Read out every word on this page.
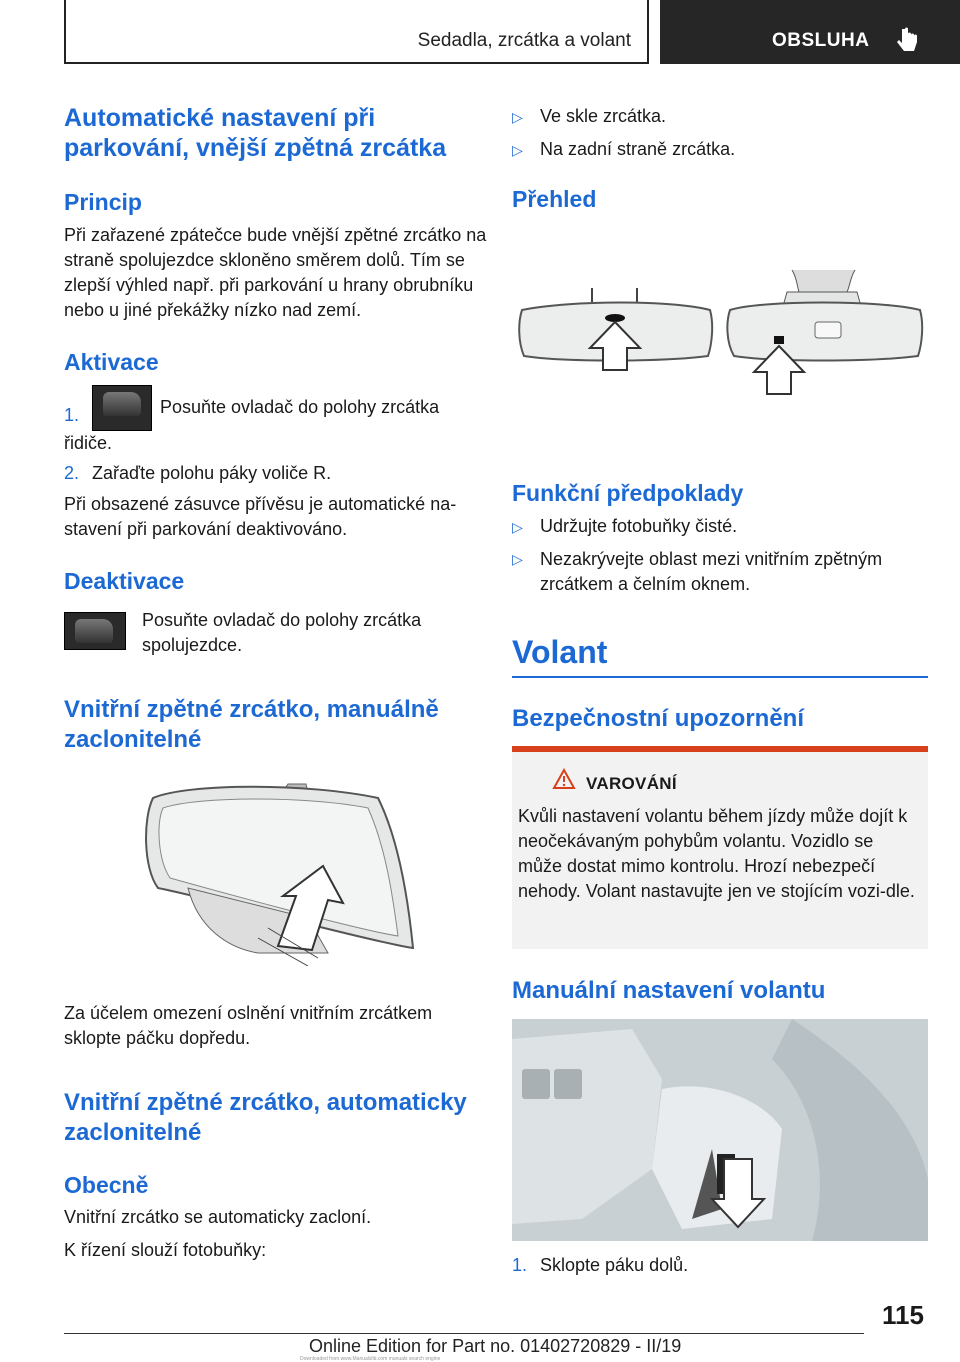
Sedadla, zrcátka a volant	OBSLUHA
Automatické nastavení při parkování, vnější zpětná zrcátka
Princip
Při zařazené zpátečce bude vnější zpětné zrcátko na straně spolujezdce skloněno směrem dolů. Tím se zlepší výhled např. při parkování u hrany obrubníku nebo u jiné překážky nízko nad zemí.
Aktivace
1.	Posuňte ovladač do polohy zrcátka řidiče.
2. Zařaďte polohu páky voliče R.
Při obsazené zásuvce přívěsu je automatické na-stavení při parkování deaktivováno.
Deaktivace
Posuňte ovladač do polohy zrcátka spolujezdce.
Vnitřní zpětné zrcátko, manuálně zaclonitelné
Za účelem omezení oslnění vnitřním zrcátkem sklopte páčku dopředu.
Vnitřní zpětné zrcátko, automaticky zaclonitelné
Obecně
Vnitřní zrcátko se automaticky zacloní.
K řízení slouží fotobuňky:
▷ Ve skle zrcátka.
▷ Na zadní straně zrcátka.
Přehled
Funkční předpoklady
▷ Udržujte fotobuňky čisté.
▷ Nezakrývejte oblast mezi vnitřním zpětným zrcátkem a čelním oknem.
Volant
Bezpečnostní upozornění
VAROVÁNÍ
Kvůli nastavení volantu během jízdy může dojít k neočekávaným pohybům volantu. Vozidlo se může dostat mimo kontrolu. Hrozí nebezpečí nehody. Volant nastavujte jen ve stojícím vozi-dle.
Manuální nastavení volantu
1. Sklopte páku dolů.
115
Online Edition for Part no. 01402720829 - II/19
Downloaded from www.Manualslib.com manuals search engine
